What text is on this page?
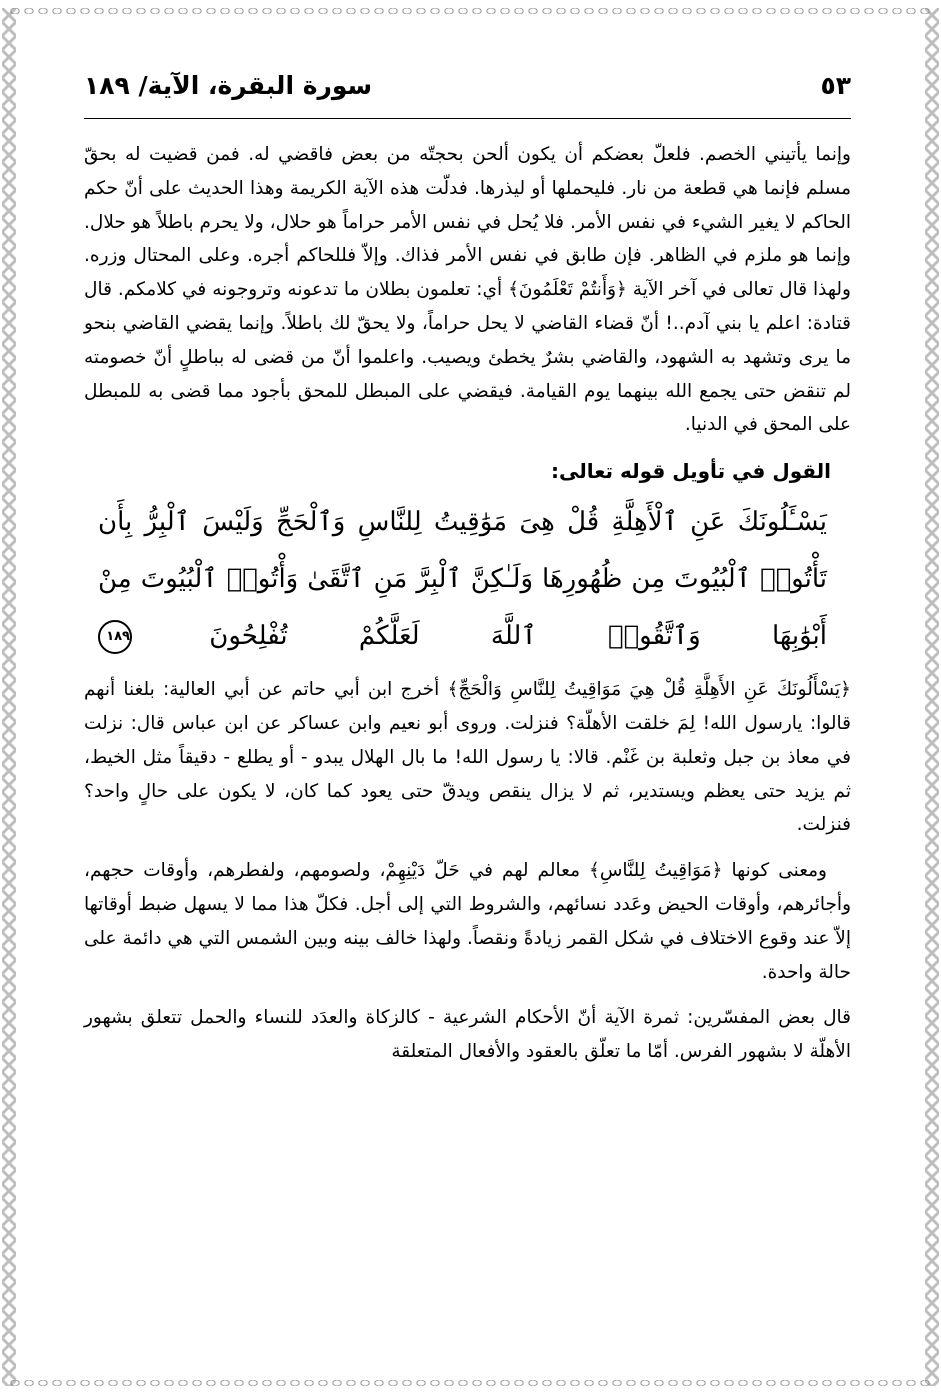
سورة البقرة، الآية/ ١٨٩	٥٣

وإنما يأتيني الخصم. فلعلّ بعضكم أن يكون ألحن بحجتّه من بعض فاقضي له. فمن قضيت له بحقّ مسلم فإنما هي قطعة من نار. فليحملها أو ليذرها. فدلّت هذه الآية الكريمة وهذا الحديث على أنّ حكم الحاكم لا يغير الشيء في نفس الأمر. فلا يُحل في نفس الأمر حراماً هو حلال، ولا يحرم باطلاً هو حلال. وإنما هو ملزم في الظاهر. فإن طابق في نفس الأمر فذاك. وإلاّ فللحاكم أجره. وعلى المحتال وزره. ولهذا قال تعالى في آخر الآية ﴿وَأَنتُمْ تَعْلَمُونَ﴾ أي: تعلمون بطلان ما تدعونه وتروجونه في كلامكم. قال قتادة: اعلم يا بني آدم..! أنّ قضاء القاضي لا يحل حراماً، ولا يحقّ لك باطلاً. وإنما يقضي القاضي بنحو ما يرى وتشهد به الشهود، والقاضي بشرٌ يخطئ ويصيب. واعلموا أنّ من قضى له بباطلٍ أنّ خصومته لم تنقض حتى يجمع الله بينهما يوم القيامة. فيقضي على المبطل للمحق بأجود مما قضى به للمبطل على المحق في الدنيا.

القول في تأويل قوله تعالى:
يَسْـَٔلُونَكَ عَنِ ٱلْأَهِلَّةِ قُلْ هِىَ مَوَٰقِيتُ لِلنَّاسِ وَٱلْحَجِّ وَلَيْسَ ٱلْبِرُّ بِأَن تَأْتُوا۟ ٱلْبُيُوتَ مِن ظُهُورِهَا وَلَـٰكِنَّ ٱلْبِرَّ مَنِ ٱتَّقَىٰ وَأْتُوا۟ ٱلْبُيُوتَ مِنْ أَبْوَٰبِهَا وَٱتَّقُوا۟ ٱللَّهَ لَعَلَّكُمْ تُفْلِحُونَ ١٨٩

﴿يَسْأَلُونَكَ عَنِ الأَهِلَّةِ قُلْ هِيَ مَوَاقِيتُ لِلنَّاسِ وَالْحَجِّ﴾ أخرج ابن أبي حاتم عن أبي العالية: بلغنا أنهم قالوا: يارسول الله! لِمَ خلقت الأهلّة؟ فنزلت. وروى أبو نعيم وابن عساكر عن ابن عباس قال: نزلت في معاذ بن جبل وثعلبة بن غَنْم. قالا: يا رسول الله! ما بال الهلال يبدو - أو يطلع - دقيقاً مثل الخيط، ثم يزيد حتى يعظم ويستدير، ثم لا يزال ينقص ويدقّ حتى يعود كما كان، لا يكون على حالٍ واحد؟ فنزلت.

ومعنى كونها ﴿مَوَاقِيتُ لِلنَّاسِ﴾ معالم لهم في حَلّ دَيْنِهِمْ، ولصومهم، ولفطرهم، وأوقات حجهم، وأجائرهم، وأوقات الحيض وعَدد نسائهم، والشروط التي إلى أجل. فكلّ هذا مما لا يسهل ضبط أوقاتها إلاّ عند وقوع الاختلاف في شكل القمر زيادةً ونقصاً. ولهذا خالف بينه وبين الشمس التي هي دائمة على حالة واحدة.

قال بعض المفسّرين: ثمرة الآية أنّ الأحكام الشرعية - كالزكاة والعدَد للنساء والحمل تتعلق بشهور الأهلّة لا بشهور الفرس. أمّا ما تعلّق بالعقود والأفعال المتعلقة
